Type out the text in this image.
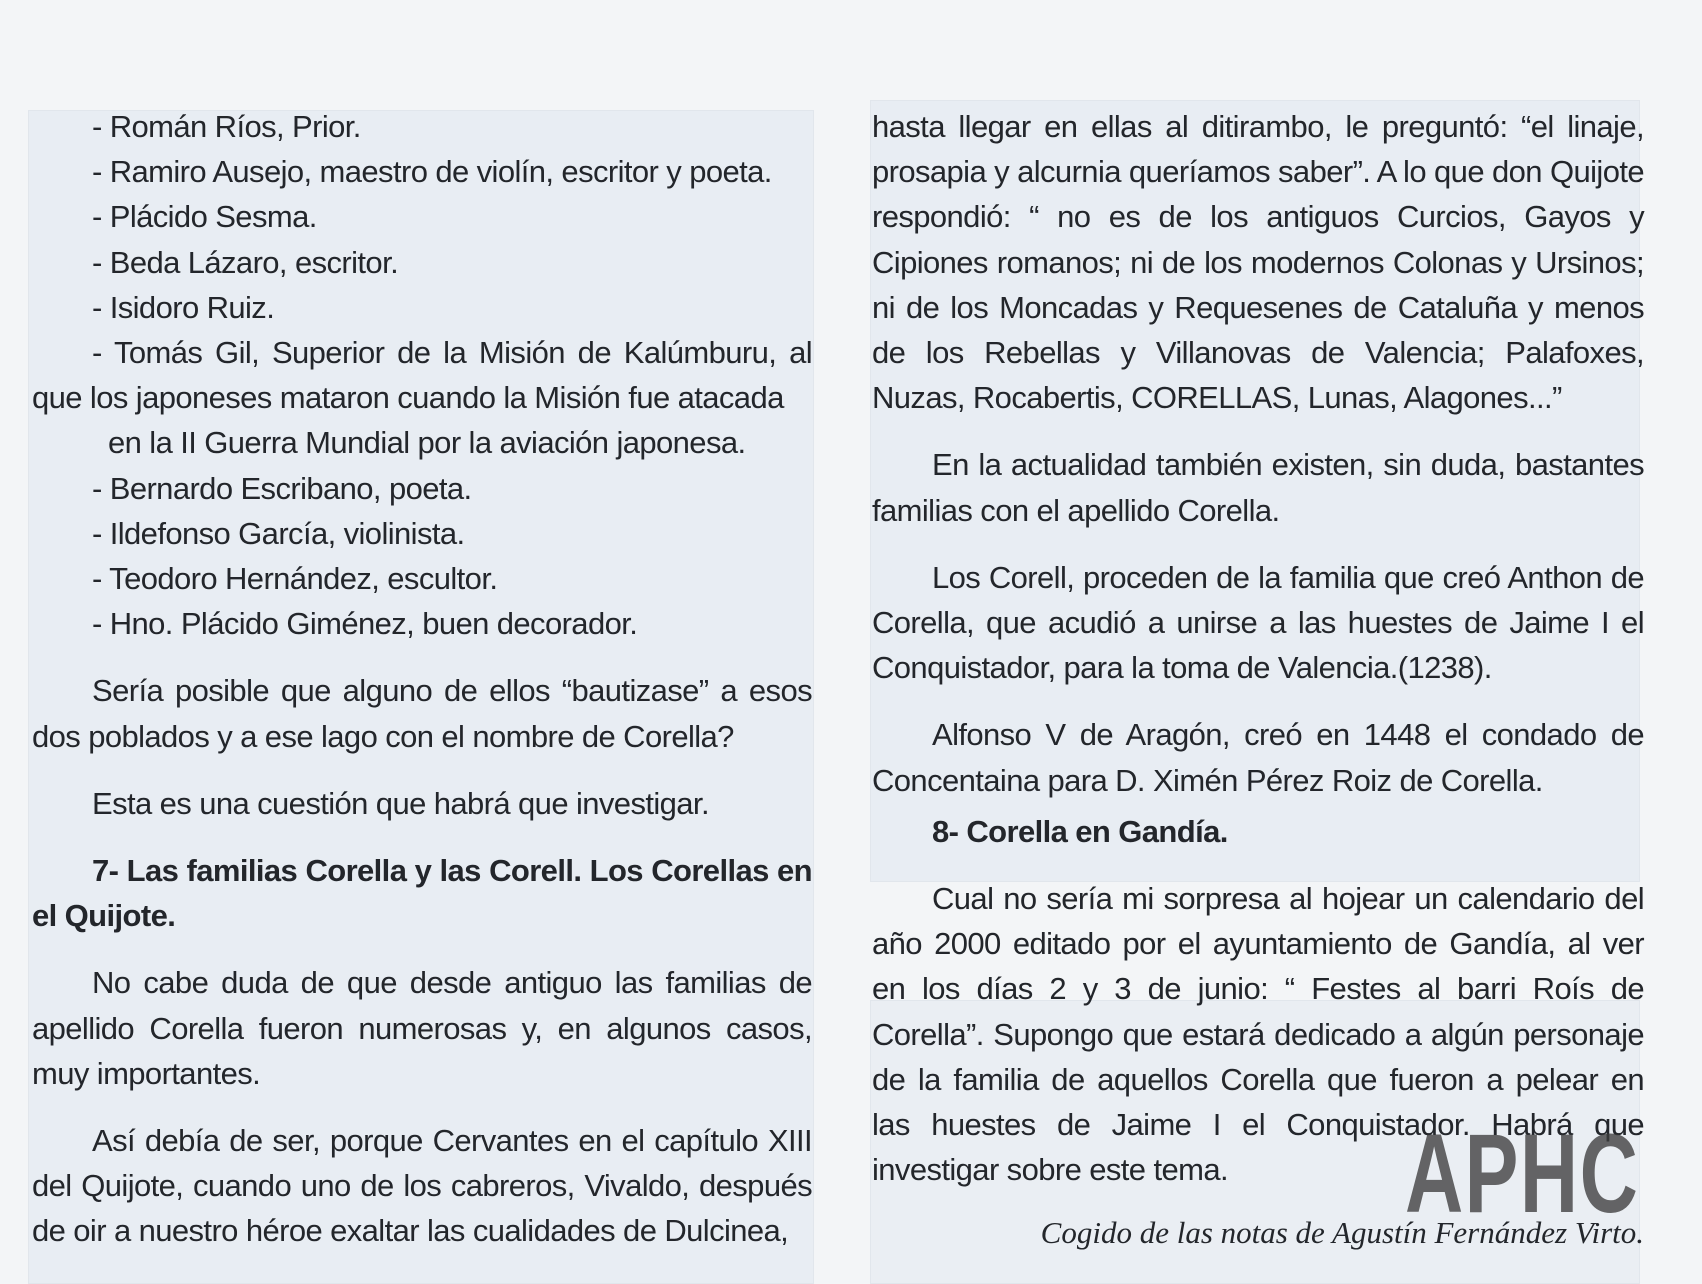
- Román Ríos, Prior.
- Ramiro Ausejo, maestro de violín, escritor y poeta.
- Plácido Sesma.
- Beda Lázaro, escritor.
- Isidoro Ruiz.
- Tomás Gil, Superior de la Misión de Kalúmburu, al que los japoneses mataron cuando la Misión fue atacada
en la II Guerra Mundial por la aviación japonesa.
- Bernardo Escribano, poeta.
- Ildefonso García, violinista.
- Teodoro Hernández, escultor.
- Hno. Plácido Giménez, buen decorador.

Sería posible que alguno de ellos “bautizase” a esos dos poblados y a ese lago con el nombre de Corella?

Esta es una cuestión que habrá que investigar.

7- Las familias Corella y las Corell. Los Corellas en el Quijote.

No cabe duda de que desde antiguo las familias de apellido Corella fueron numerosas y, en algunos casos, muy importantes.

Así debía de ser, porque Cervantes en el capítulo XIII del Quijote, cuando uno de los cabreros, Vivaldo, después de oir a nuestro héroe exaltar las cualidades de Dulcinea,

hasta llegar en ellas al ditirambo, le preguntó: “el linaje, prosapia y alcurnia queríamos saber”. A lo que don Quijote respondió: “ no es de los antiguos Curcios, Gayos y Cipiones romanos; ni de los modernos Colonas y Ursinos; ni de los Moncadas y Requesenes de Cataluña y menos de los Rebellas y Villanovas de Valencia; Palafoxes, Nuzas, Rocabertis, CORELLAS, Lunas, Alagones...”

En la actualidad también existen, sin duda, bastantes familias con el apellido Corella.

Los Corell, proceden de la familia que creó Anthon de Corella, que acudió a unirse a las huestes de Jaime I el Conquistador, para la toma de Valencia.(1238).

Alfonso V de Aragón, creó en 1448 el condado de Concentaina para D. Ximén Pérez Roiz de Corella.

8- Corella en Gandía.

Cual no sería mi sorpresa al hojear un calendario del año 2000 editado por el ayuntamiento de Gandía, al ver en los días 2 y 3 de junio: “ Festes al barri Roís de Corella”. Supongo que estará dedicado a algún personaje de la familia de aquellos Corella que fueron a pelear en las huestes de Jaime I el Conquistador. Habrá que investigar sobre este tema.

Cogido de las notas de Agustín Fernández Virto.
APHC
